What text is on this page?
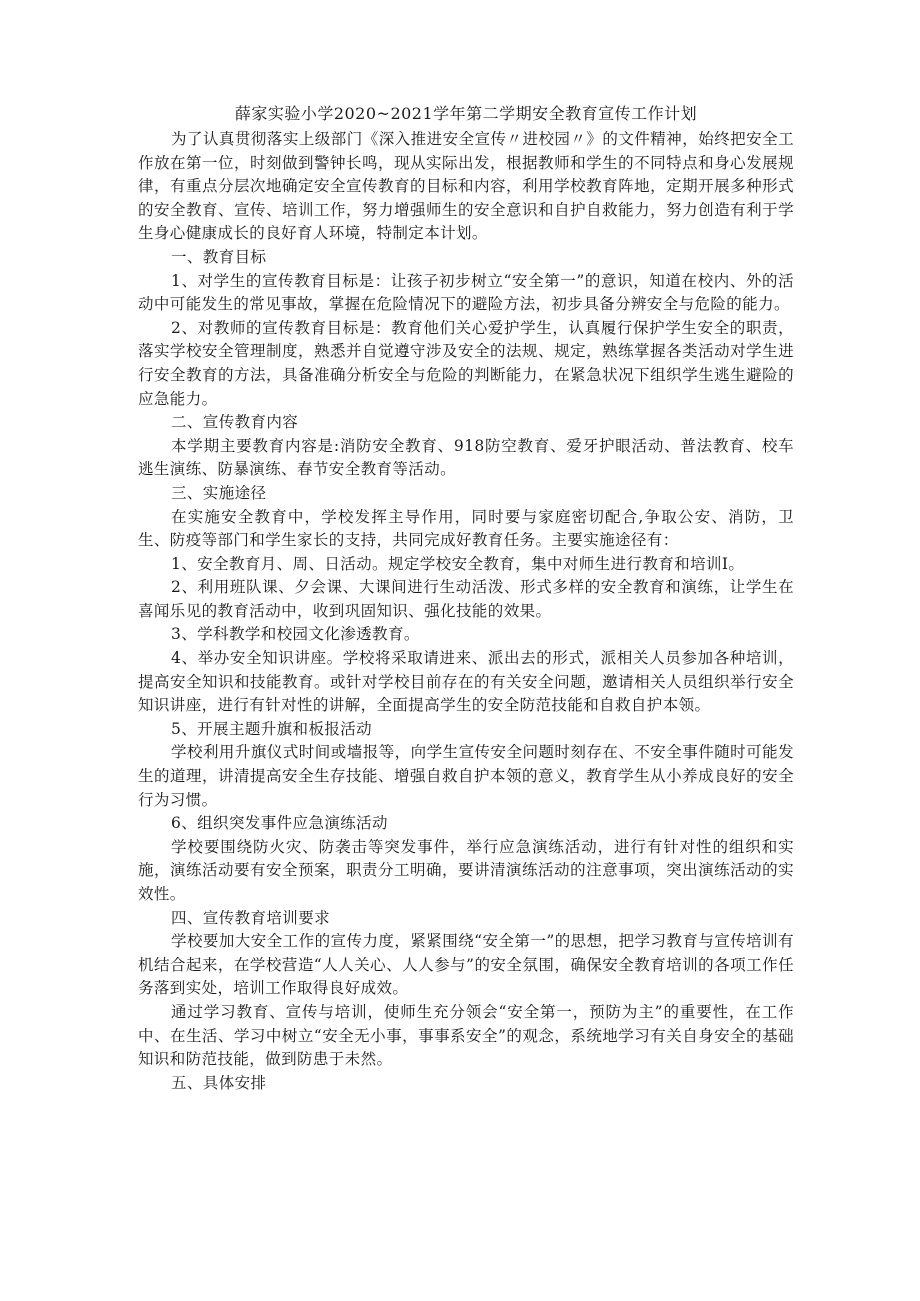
薛家实验小学2020~2021学年第二学期安全教育宣传工作计划

为了认真贯彻落实上级部门《深入推进安全宣传〃进校园〃》的文件精神，始终把安全工作放在第一位，时刻做到警钟长鸣，现从实际出发，根据教师和学生的不同特点和身心发展规律，有重点分层次地确定安全宣传教育的目标和内容，利用学校教育阵地，定期开展多种形式的安全教育、宣传、培训工作，努力增强师生的安全意识和自护自救能力，努力创造有利于学生身心健康成长的良好育人环境，特制定本计划。

一、教育目标

1、对学生的宣传教育目标是：让孩子初步树立“安全第一”的意识，知道在校内、外的活动中可能发生的常见事故，掌握在危险情况下的避险方法，初步具备分辨安全与危险的能力。

2、对教师的宣传教育目标是：教育他们关心爱护学生，认真履行保护学生安全的职责，落实学校安全管理制度，熟悉并自觉遵守涉及安全的法规、规定，熟练掌握各类活动对学生进行安全教育的方法，具备准确分析安全与危险的判断能力，在紧急状况下组织学生逃生避险的应急能力。

二、宣传教育内容

本学期主要教育内容是:消防安全教育、918防空教育、爱牙护眼活动、普法教育、校车逃生演练、防暴演练、春节安全教育等活动。

三、实施途径

在实施安全教育中，学校发挥主导作用，同时要与家庭密切配合,争取公安、消防，卫生、防疫等部门和学生家长的支持，共同完成好教育任务。主要实施途径有：

1、安全教育月、周、日活动。规定学校安全教育，集中对师生进行教育和培训I。

2、利用班队课、夕会课、大课间进行生动活泼、形式多样的安全教育和演练，让学生在喜闻乐见的教育活动中，收到巩固知识、强化技能的效果。

3、学科教学和校园文化渗透教育。

4、举办安全知识讲座。学校将采取请进来、派出去的形式，派相关人员参加各种培训，提高安全知识和技能教育。或针对学校目前存在的有关安全问题，邀请相关人员组织举行安全知识讲座，进行有针对性的讲解，全面提高学生的安全防范技能和自救自护本领。

5、开展主题升旗和板报活动

学校利用升旗仪式时间或墙报等，向学生宣传安全问题时刻存在、不安全事件随时可能发生的道理，讲清提高安全生存技能、增强自救自护本领的意义，教育学生从小养成良好的安全行为习惯。

6、组织突发事件应急演练活动

学校要围绕防火灾、防袭击等突发事件，举行应急演练活动，进行有针对性的组织和实施，演练活动要有安全预案，职责分工明确，要讲清演练活动的注意事项，突出演练活动的实效性。

四、宣传教育培训要求

学校要加大安全工作的宣传力度，紧紧围绕“安全第一”的思想，把学习教育与宣传培训有机结合起来，在学校营造“人人关心、人人参与”的安全氛围，确保安全教育培训的各项工作任务落到实处，培训工作取得良好成效。

通过学习教育、宣传与培训，使师生充分领会“安全第一，预防为主”的重要性，在工作中、在生活、学习中树立“安全无小事，事事系安全”的观念，系统地学习有关自身安全的基础知识和防范技能，做到防患于未然。

五、具体安排
